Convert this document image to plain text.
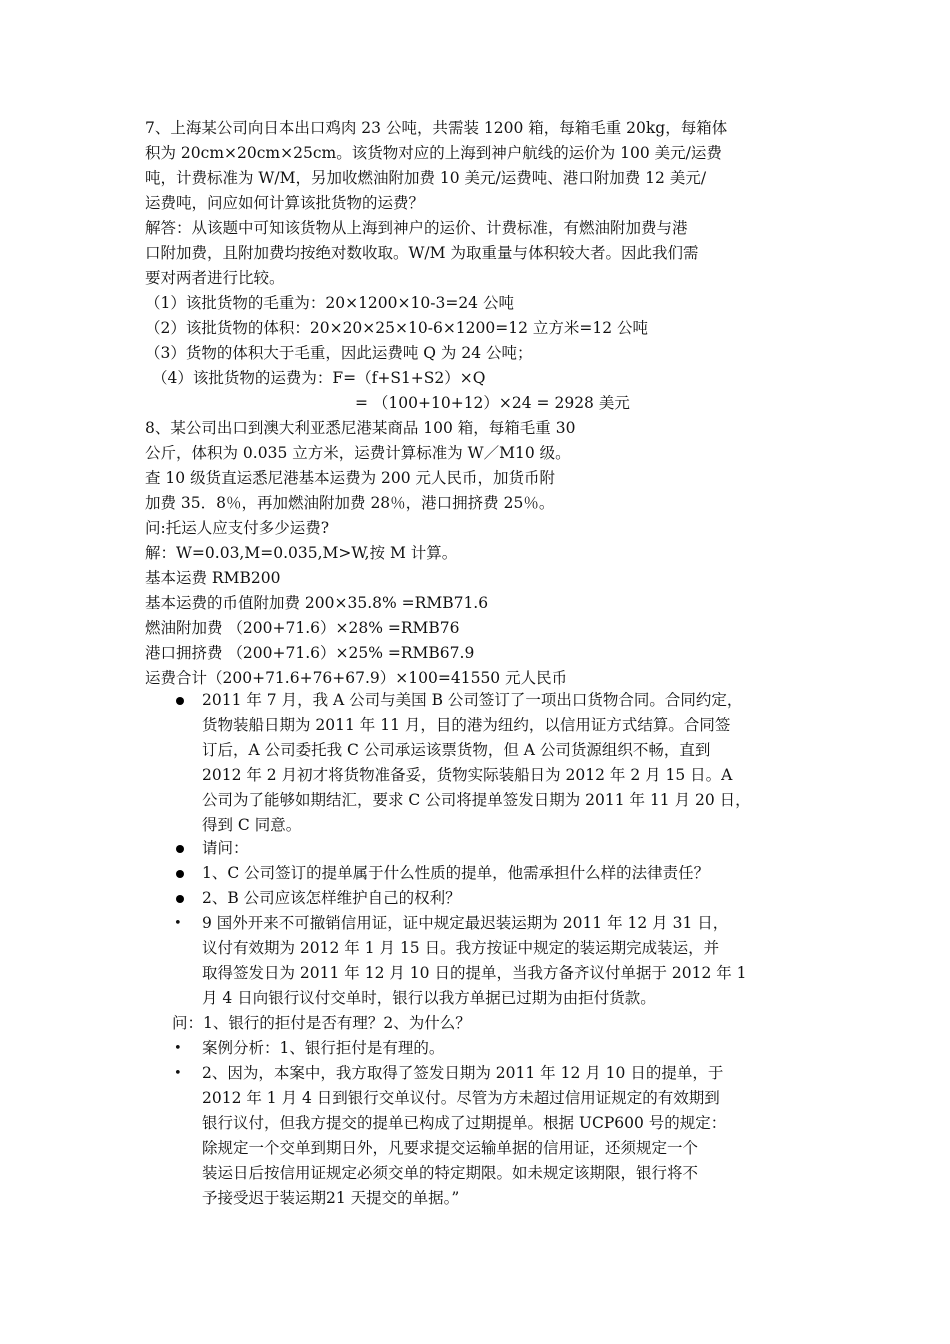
7、上海某公司向日本出口鸡肉 23 公吨，共需装 1200 箱，每箱毛重 20kg，每箱体
积为 20cm×20cm×25cm。该货物对应的上海到神户航线的运价为 100 美元/运费
吨，计费标准为 W/M，另加收燃油附加费 10 美元/运费吨、港口附加费 12 美元/
运费吨，问应如何计算该批货物的运费？
解答：从该题中可知该货物从上海到神户的运价、计费标准，有燃油附加费与港
口附加费，且附加费均按绝对数收取。W/M 为取重量与体积较大者。因此我们需
要对两者进行比较。
（1）该批货物的毛重为：20×1200×10-3=24 公吨
（2）该批货物的体积：20×20×25×10-6×1200=12 立方米=12 公吨
（3）货物的体积大于毛重，因此运费吨 Q 为 24 公吨；
（4）该批货物的运费为：F=（f+S1+S2）×Q
= （100+10+12）×24 = 2928 美元
8、某公司出口到澳大利亚悉尼港某商品 100 箱，每箱毛重 30
公斤，体积为 0.035 立方米，运费计算标准为 W／M10 级。
查 10 级货直运悉尼港基本运费为 200 元人民币，加货币附
加费 35．8％，再加燃油附加费 28％，港口拥挤费 25％。
问:托运人应支付多少运费?
解：W=0.03,M=0.035,M>W,按 M 计算。
基本运费 RMB200
基本运费的币值附加费 200×35.8% =RMB71.6
燃油附加费 （200+71.6）×28% =RMB76
港口拥挤费 （200+71.6）×25% =RMB67.9
运费合计（200+71.6+76+67.9）×100=41550 元人民币
2011 年 7 月，我 A 公司与美国 B 公司签订了一项出口货物合同。合同约定，
货物装船日期为 2011 年 11 月，目的港为纽约，以信用证方式结算。合同签
订后，A 公司委托我 C 公司承运该票货物，但 A 公司货源组织不畅，直到
2012 年 2 月初才将货物准备妥，货物实际装船日为 2012 年 2 月 15 日。A
公司为了能够如期结汇，要求 C 公司将提单签发日期为 2011 年 11 月 20 日，
得到 C 同意。
请问：
1、C 公司签订的提单属于什么性质的提单，他需承担什么样的法律责任？
2、B 公司应该怎样维护自己的权利？
• 9 国外开来不可撤销信用证，证中规定最迟装运期为 2011 年 12 月 31 日，
议付有效期为 2012 年 1 月 15 日。我方按证中规定的装运期完成装运，并
取得签发日为 2011 年 12 月 10 日的提单，当我方备齐议付单据于 2012 年 1
月 4 日向银行议付交单时，银行以我方单据已过期为由拒付货款。
问：1、银行的拒付是否有理？2、为什么？
• 案例分析：1、银行拒付是有理的。
• 2、因为，本案中，我方取得了签发日期为 2011 年 12 月 10 日的提单，于
2012 年 1 月 4 日到银行交单议付。尽管为方未超过信用证规定的有效期到
银行议付，但我方提交的提单已构成了过期提单。根据 UCP600 号的规定：
除规定一个交单到期日外，凡要求提交运输单据的信用证，还须规定一个
装运日后按信用证规定必须交单的特定期限。如未规定该期限，银行将不
予接受迟于装运期21 天提交的单据。”
